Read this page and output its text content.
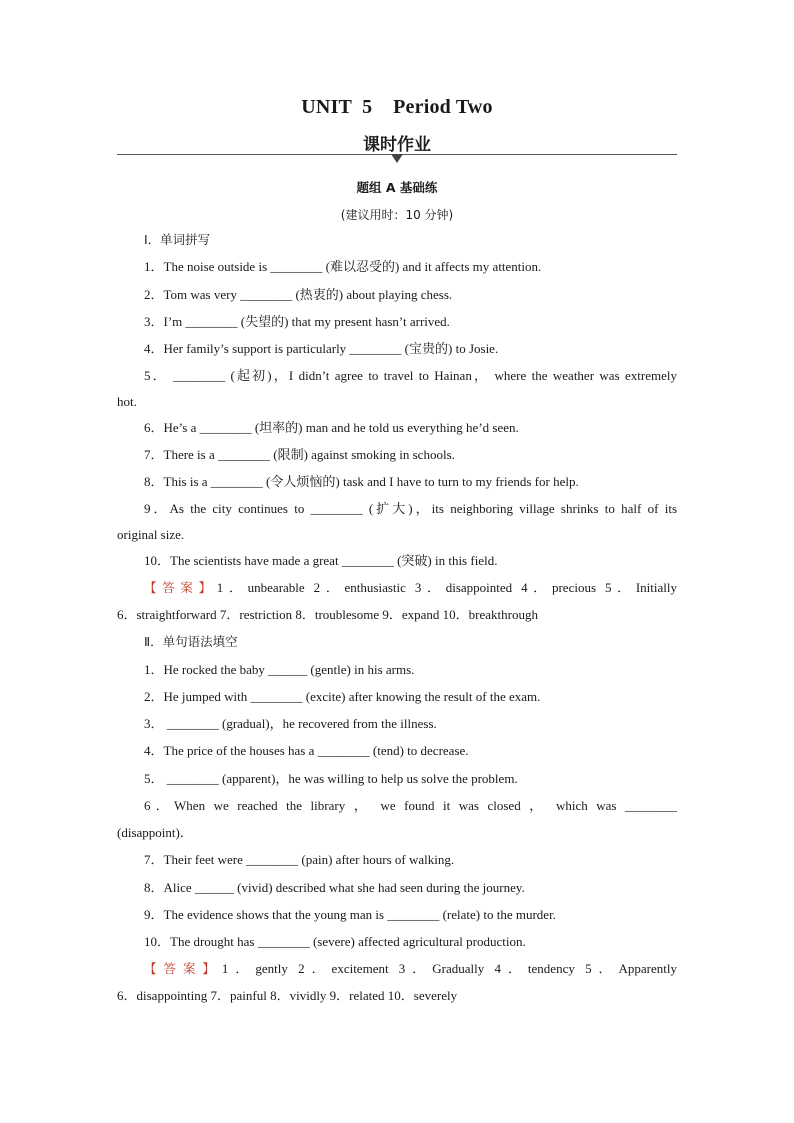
UNIT  5    Period Two
课时作业
题组 A 基础练
(建议用时：10 分钟)
Ⅰ．单词拼写
1．The noise outside is ________ (难以忍受的) and it affects my attention.
2．Tom was very ________ (热衷的) about playing chess.
3．I’m ________ (失望的) that my present hasn’t arrived.
4．Her family’s support is particularly ________ (宝贵的) to Josie.
5． ________ (起初)，I didn’t agree to travel to Hainan， where the weather was extremely
hot.
6．He’s a ________ (坦率的) man and he told us everything he’d seen.
7．There is a ________ (限制) against smoking in schools.
8．This is a ________ (令人烦恼的) task and I have to turn to my friends for help.
9．As the city continues to ________ (扩大)，its neighboring village shrinks to half of its
original size.
10．The scientists have made a great ________ (突破) in this field.
【答案】1．unbearable 2．enthusiastic 3．disappointed 4．precious 5．Initially
6．straightforward 7．restriction 8．troublesome 9．expand 10．breakthrough
Ⅱ．单句语法填空
1．He rocked the baby ______ (gentle) in his arms.
2．He jumped with ________ (excite) after knowing the result of the exam.
3． ________ (gradual)，he recovered from the illness.
4．The price of the houses has a ________ (tend) to decrease.
5． ________ (apparent)，he was willing to help us solve the problem.
6．When we reached the library ， we found it was closed ， which was ________
(disappoint)．
7．Their feet were ________ (pain) after hours of walking.
8．Alice ______ (vivid) described what she had seen during the journey.
9．The evidence shows that the young man is ________ (relate) to the murder.
10．The drought has ________ (severe) affected agricultural production.
【答案】1．gently 2．excitement 3．Gradually 4．tendency 5．Apparently
6．disappointing 7．painful 8．vividly 9．related 10．severely
